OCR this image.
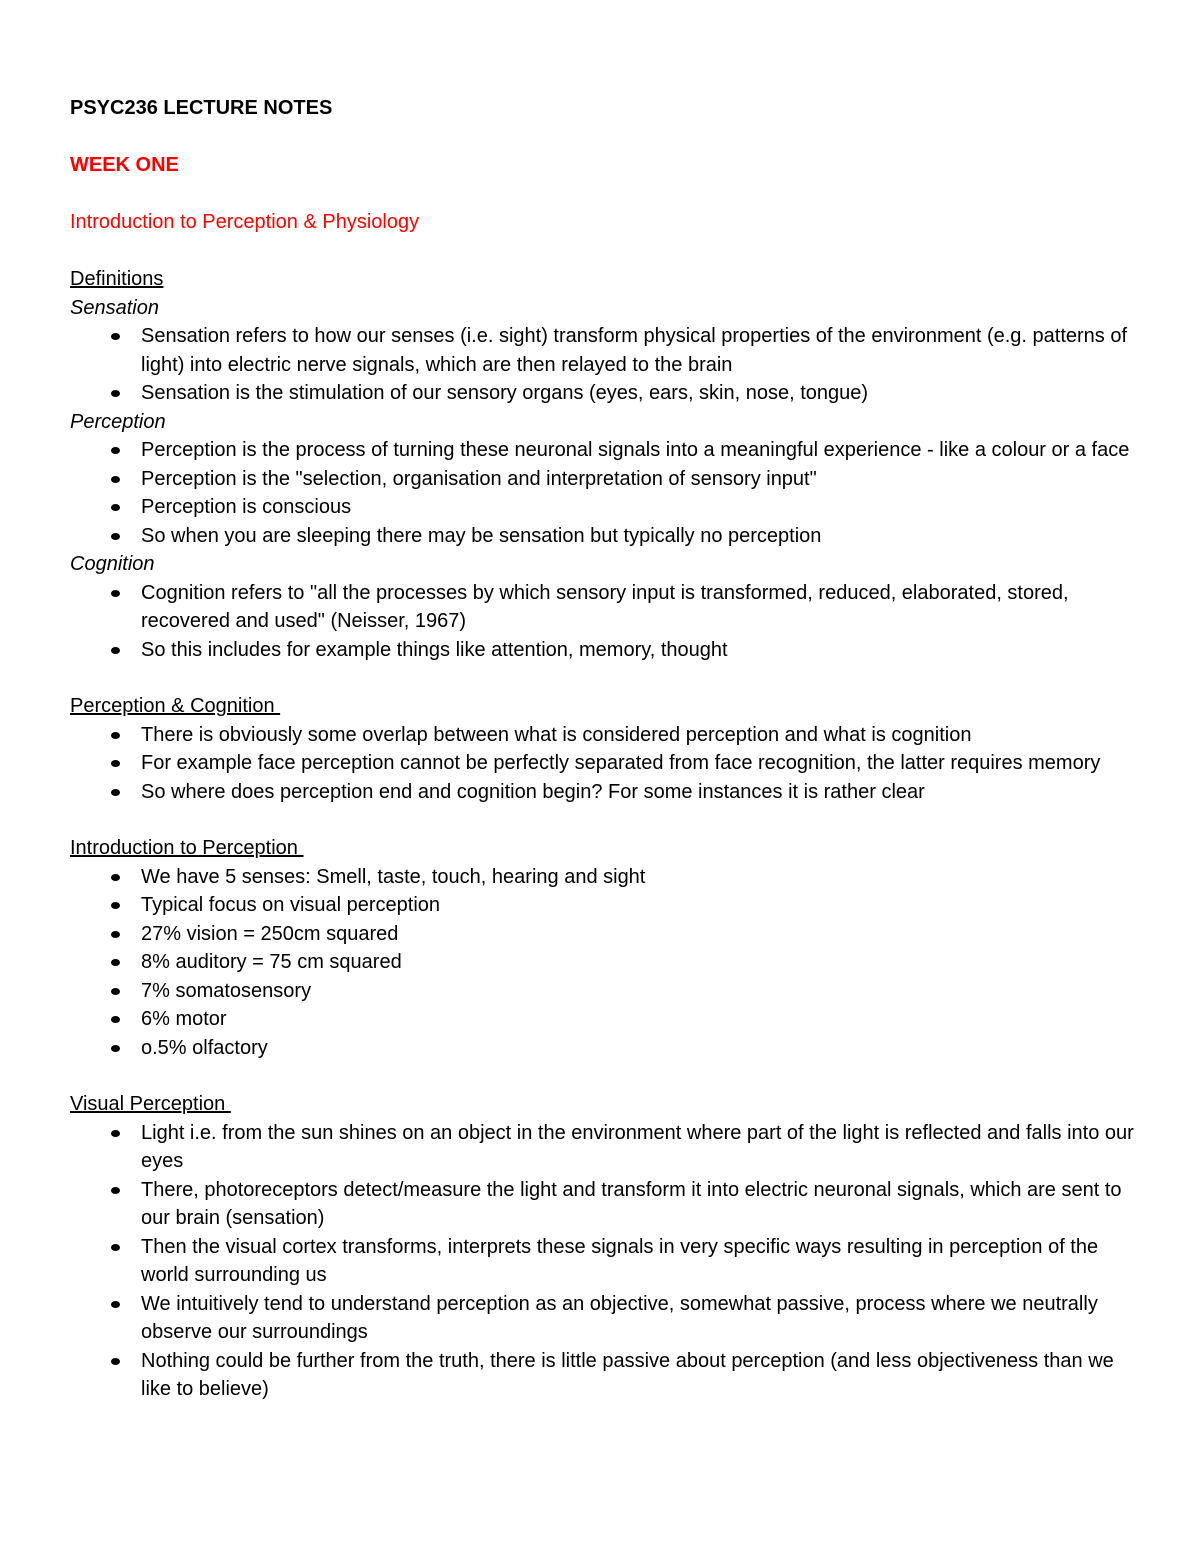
PSYC236 LECTURE NOTES
WEEK ONE
Introduction to Perception & Physiology
Definitions
Sensation
Sensation refers to how our senses (i.e. sight) transform physical properties of the environment (e.g. patterns of light) into electric nerve signals, which are then relayed to the brain
Sensation is the stimulation of our sensory organs (eyes, ears, skin, nose, tongue)
Perception
Perception is the process of turning these neuronal signals into a meaningful experience - like a colour or a face
Perception is the "selection, organisation and interpretation of sensory input"
Perception is conscious
So when you are sleeping there may be sensation but typically no perception
Cognition
Cognition refers to "all the processes by which sensory input is transformed, reduced, elaborated, stored, recovered and used" (Neisser, 1967)
So this includes for example things like attention, memory, thought
Perception & Cognition
There is obviously some overlap between what is considered perception and what is cognition
For example face perception cannot be perfectly separated from face recognition, the latter requires memory
So where does perception end and cognition begin? For some instances it is rather clear
Introduction to Perception
We have 5 senses: Smell, taste, touch, hearing and sight
Typical focus on visual perception
27% vision = 250cm squared
8% auditory = 75 cm squared
7% somatosensory
6% motor
o.5% olfactory
Visual Perception
Light i.e. from the sun shines on an object in the environment where part of the light is reflected and falls into our eyes
There, photoreceptors detect/measure the light and transform it into electric neuronal signals, which are sent to our brain (sensation)
Then the visual cortex transforms, interprets these signals in very specific ways resulting in perception of the world surrounding us
We intuitively tend to understand perception as an objective, somewhat passive, process where we neutrally observe our surroundings
Nothing could be further from the truth, there is little passive about perception (and less objectiveness than we like to believe)
